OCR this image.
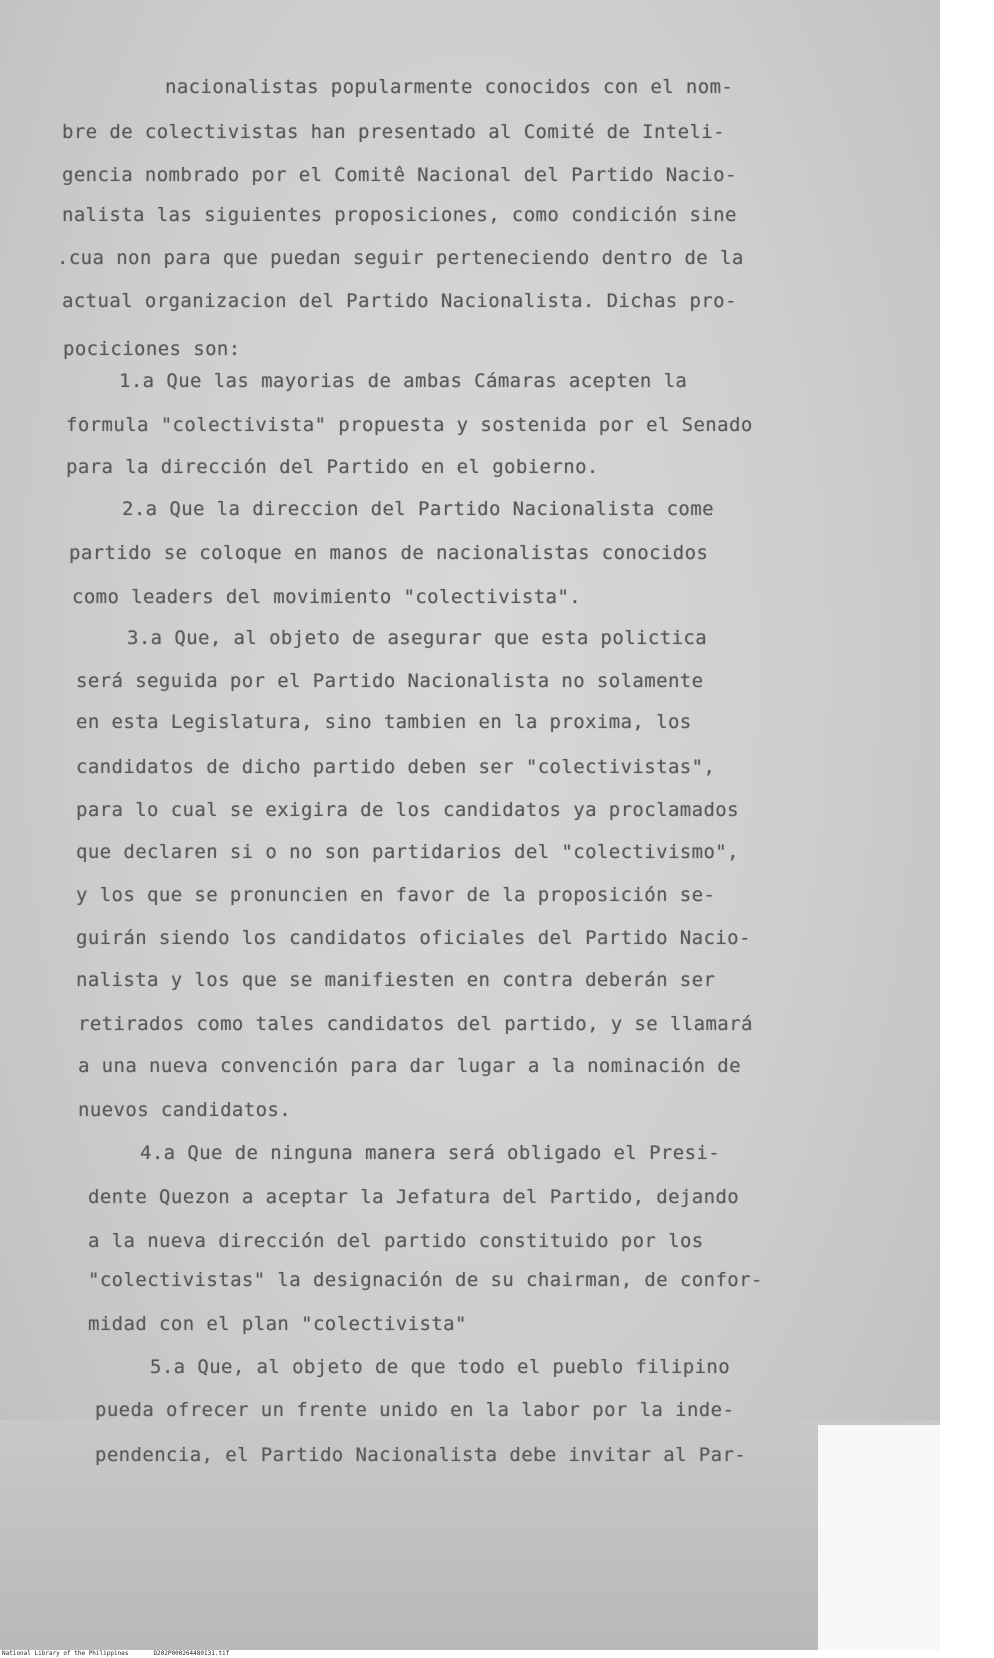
nacionalistas popularmente conocidos con el nom-

bre de colectivistas han presentado al Comité de Inteli-

gencia nombrado por el Comitê Nacional del Partido Nacio-

nalista las siguientes proposiciones, como condición sine

.cua non para que puedan seguir perteneciendo dentro de la

actual organizacion del Partido Nacionalista. Dichas pro-

pociciones son:

1.a Que las mayorias de ambas Cámaras acepten la

formula "colectivista" propuesta y sostenida por el Senado

para la dirección del Partido en el gobierno.

2.a Que la direccion del Partido Nacionalista come

partido se coloque en manos de nacionalistas conocidos

como leaders del movimiento "colectivista".

3.a Que, al objeto de asegurar que esta polictica

será seguida por el Partido Nacionalista no solamente

en esta Legislatura, sino tambien en la proxima, los

candidatos de dicho partido deben ser "colectivistas",

para lo cual se exigira de los candidatos ya proclamados

que declaren si o no son partidarios del "colectivismo",

y los que se pronuncien en favor de la proposición se-

guirán siendo los candidatos oficiales del Partido Nacio-

nalista y los que se manifiesten en contra deberán ser

retirados como tales candidatos del partido, y se llamará

a una nueva convención para dar lugar a la nominación de

nuevos candidatos.

4.a Que de ninguna manera será obligado el Presi-

dente Quezon a aceptar la Jefatura del Partido, dejando

a la nueva dirección del partido constituido por los

"colectivistas" la designación de su chairman, de confor-

midad con el plan "colectivista"

5.a Que, al objeto de que todo el pueblo filipino

pueda ofrecer un frente unido en la labor por la inde-

pendencia, el Partido Nacionalista debe invitar al Par-

National Library of the Philippines	D202P000264480131.tif
